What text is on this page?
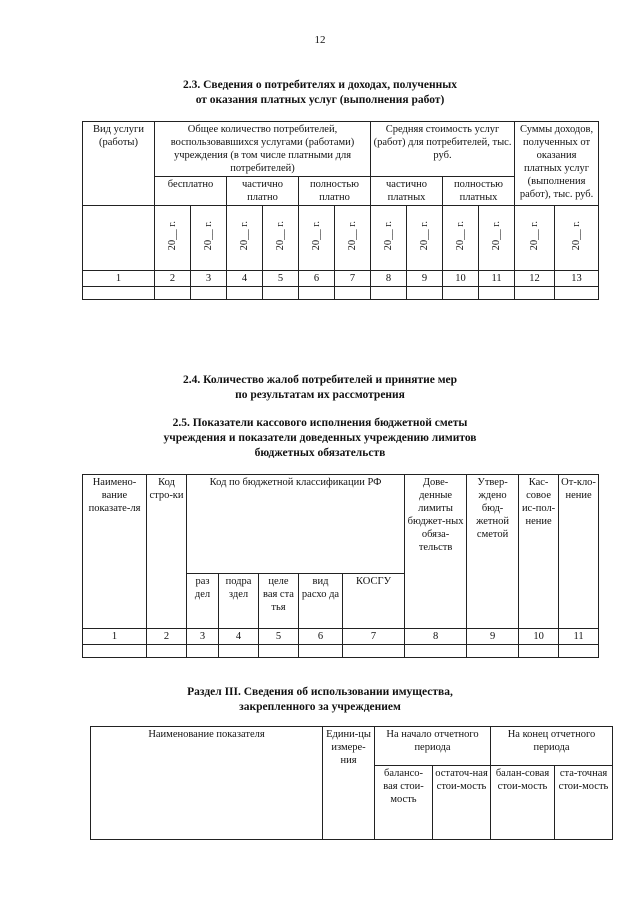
12
2.3. Сведения о потребителях и доходах, полученных
от оказания платных услуг (выполнения работ)
Вид услуги (работы)	Общее количество потребителей, воспользовавшихся услугами (работами) учреждения (в том числе платными для потребителей)						Средняя стоимость услуг (работ) для потребителей, тыс. руб.				Суммы доходов, полученных от оказания платных услуг (выполнения работ), тыс. руб.	
	бесплатно		частично платно		полностью платно							
							частично платных		полностью платных			
	20__ г.	20__ г.	20__ г.	20__ г.	20__ г.	20__ г.	20__ г.	20__ г.	20__ г.	20__ г.	20__ г.	20__ г.
1	2	3	4	5	6	7	8	9	10	11	12	13

2.4. Количество жалоб потребителей и принятие мер
по результатам их рассмотрения
2.5. Показатели кассового исполнения бюджетной сметы
учреждения и показатели доведенных учреждению лимитов
бюджетных обязательств
Наимено-вание показате-ля	Код стро-ки	Код по бюджетной классификации РФ					Дове-денные лимиты бюджет-ных обяза-тельств	Утвер-ждено бюд-жетной сметой	Кас-совое ис-пол-нение	От-кло-нение
		раз дел	подра здел	целе вая ста тья	вид расхо да	КОСГУ				
1	2	3	4	5	6	7	8	9	10	11

Раздел III. Сведения об использовании имущества,
закрепленного за учреждением
Наименование показателя	Едини-цы измере-ния	На начало отчетного периода		На конец отчетного периода	
		балансо-вая стои-мость	остаточ-ная стои-мость	балан-совая стои-мость	ста-точная стои-мость
